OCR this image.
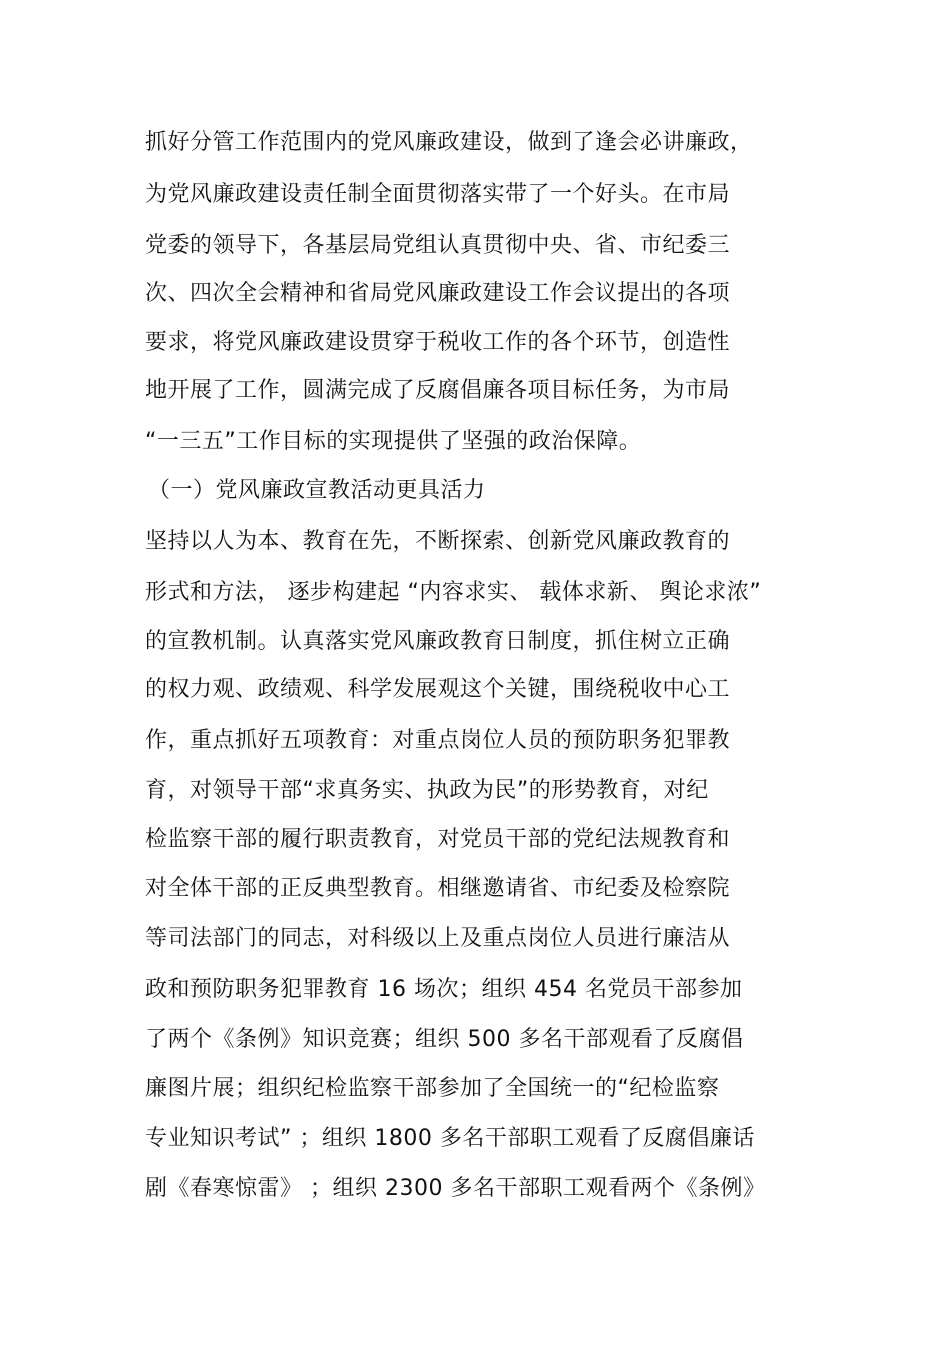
抓好分管工作范围内的党风廉政建设，做到了逢会必讲廉政，
为党风廉政建设责任制全面贯彻落实带了一个好头。在市局
党委的领导下，各基层局党组认真贯彻中央、省、市纪委三
次、四次全会精神和省局党风廉政建设工作会议提出的各项
要求，将党风廉政建设贯穿于税收工作的各个环节，创造性
地开展了工作，圆满完成了反腐倡廉各项目标任务，为市局
“一三五”工作目标的实现提供了坚强的政治保障。
（一）党风廉政宣教活动更具活力
坚持以人为本、教育在先，不断探索、创新党风廉政教育的
形式和方法， 逐步构建起 “内容求实、 载体求新、 舆论求浓”
的宣教机制。认真落实党风廉政教育日制度，抓住树立正确
的权力观、政绩观、科学发展观这个关键，围绕税收中心工
作，重点抓好五项教育：对重点岗位人员的预防职务犯罪教
育，对领导干部“求真务实、执政为民”的形势教育，对纪
检监察干部的履行职责教育，对党员干部的党纪法规教育和
对全体干部的正反典型教育。相继邀请省、市纪委及检察院
等司法部门的同志，对科级以上及重点岗位人员进行廉洁从
政和预防职务犯罪教育 16 场次；组织 454 名党员干部参加
了两个《条例》知识竞赛；组织 500 多名干部观看了反腐倡
廉图片展；组织纪检监察干部参加了全国统一的“纪检监察
专业知识考试” ；组织 1800 多名干部职工观看了反腐倡廉话
剧《春寒惊雷》 ；组织 2300 多名干部职工观看两个《条例》
